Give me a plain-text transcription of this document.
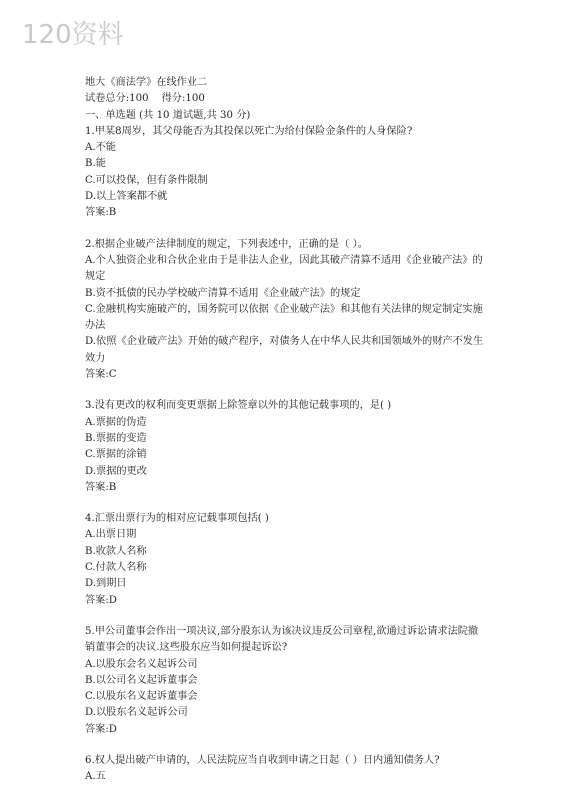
120资料
地大《商法学》在线作业二
试卷总分:100    得分:100
一、单选题 (共 10 道试题,共 30 分)
1.甲某8周岁，其父母能否为其投保以死亡为给付保险金条件的人身保险?
A.不能
B.能
C.可以投保，但有条件限制
D.以上答案都不就
答案:B
2.根据企业破产法律制度的规定，下列表述中，正确的是（ ）。
A.个人独资企业和合伙企业由于是非法人企业，因此其破产清算不适用《企业破产法》的规定
B.资不抵债的民办学校破产清算不适用《企业破产法》的规定
C.金融机构实施破产的，国务院可以依据《企业破产法》和其他有关法律的规定制定实施办法
D.依照《企业破产法》开始的破产程序，对债务人在中华人民共和国领域外的财产不发生效力
答案:C
3.没有更改的权利而变更票据上除签章以外的其他记载事项的，是( )
A.票据的伪造
B.票据的变造
C.票据的涂销
D.票据的更改
答案:B
4.汇票出票行为的相对应记载事项包括( )
A.出票日期
B.收款人名称
C.付款人名称
D.到期日
答案:D
5.甲公司董事会作出一项决议,部分股东认为该决议违反公司章程,欲通过诉讼请求法院撤销董事会的决议.这些股东应当如何提起诉讼?
A.以股东会名义起诉公司
B.以公司名义起诉董事会
C.以股东名义起诉董事会
D.以股东名义起诉公司
答案:D
6.权人提出破产申请的，人民法院应当自收到申请之日起（ ）日内通知债务人?
A.五
